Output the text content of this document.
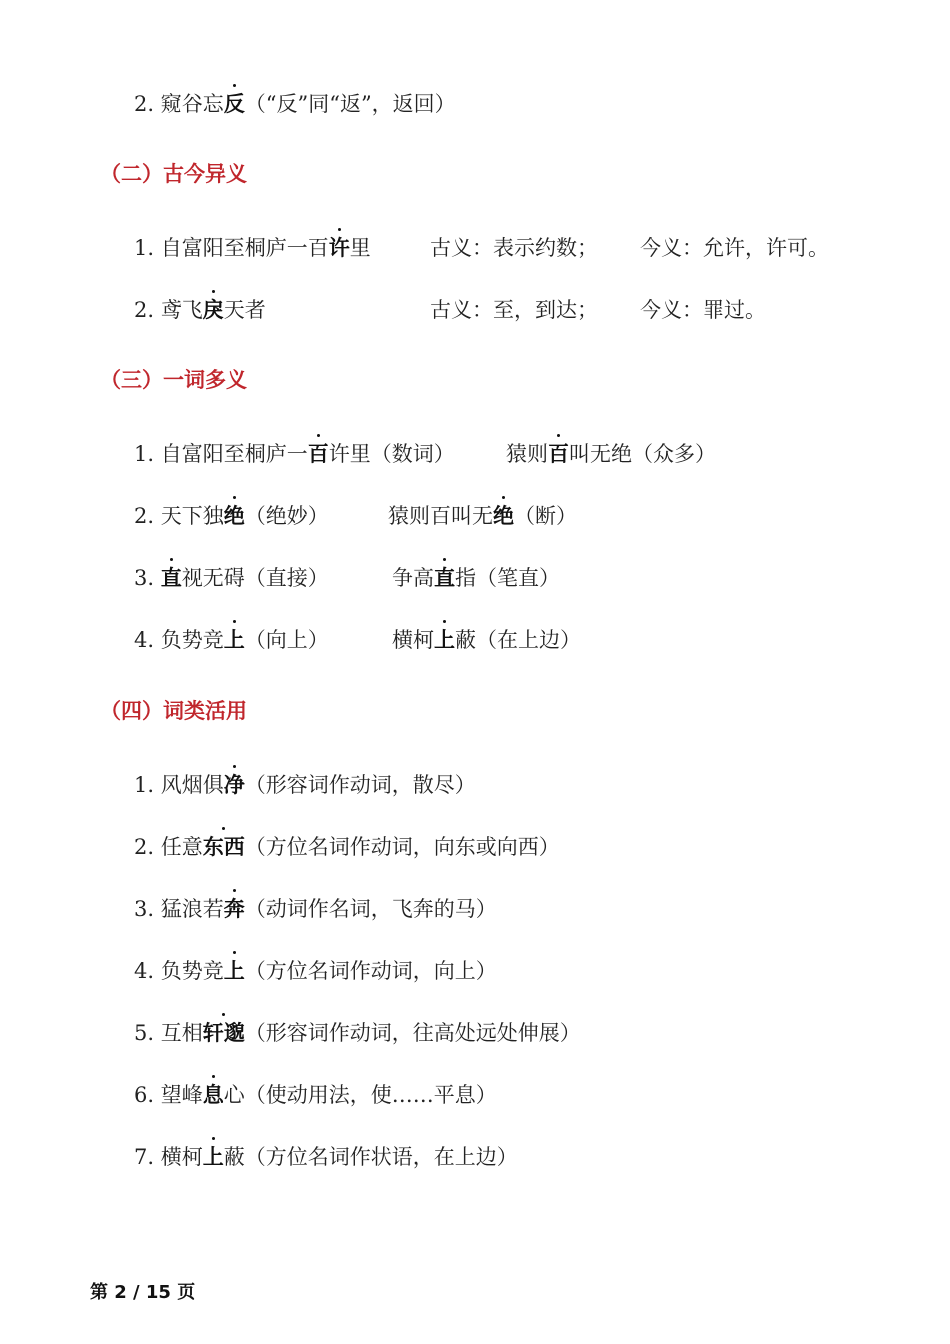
2. 窥谷忘反（“反”同“返”，返回）
（二）古今异义
1. 自富阳至桐庐一百许里	古义：表示约数； 今义：允许，许可。
2. 鸢飞戾天者	古义：至，到达； 今义：罪过。
（三）一词多义
1. 自富阳至桐庐一百许里（数词） 猿则百叫无绝（众多）
2. 天下独绝（绝妙）	猿则百叫无绝（断）
3. 直视无碍（直接）	争高直指（笔直）
4. 负势竞上（向上）	横柯上蔽（在上边）
（四）词类活用
1. 风烟俱净（形容词作动词，散尽）
2. 任意东西（方位名词作动词，向东或向西）
3. 猛浪若奔（动词作名词，飞奔的马）
4. 负势竞上（方位名词作动词，向上）
5. 互相轩邈（形容词作动词，往高处远处伸展）
6. 望峰息心（使动用法，使……平息）
7. 横柯上蔽（方位名词作状语，在上边）
第 2 / 15 页
